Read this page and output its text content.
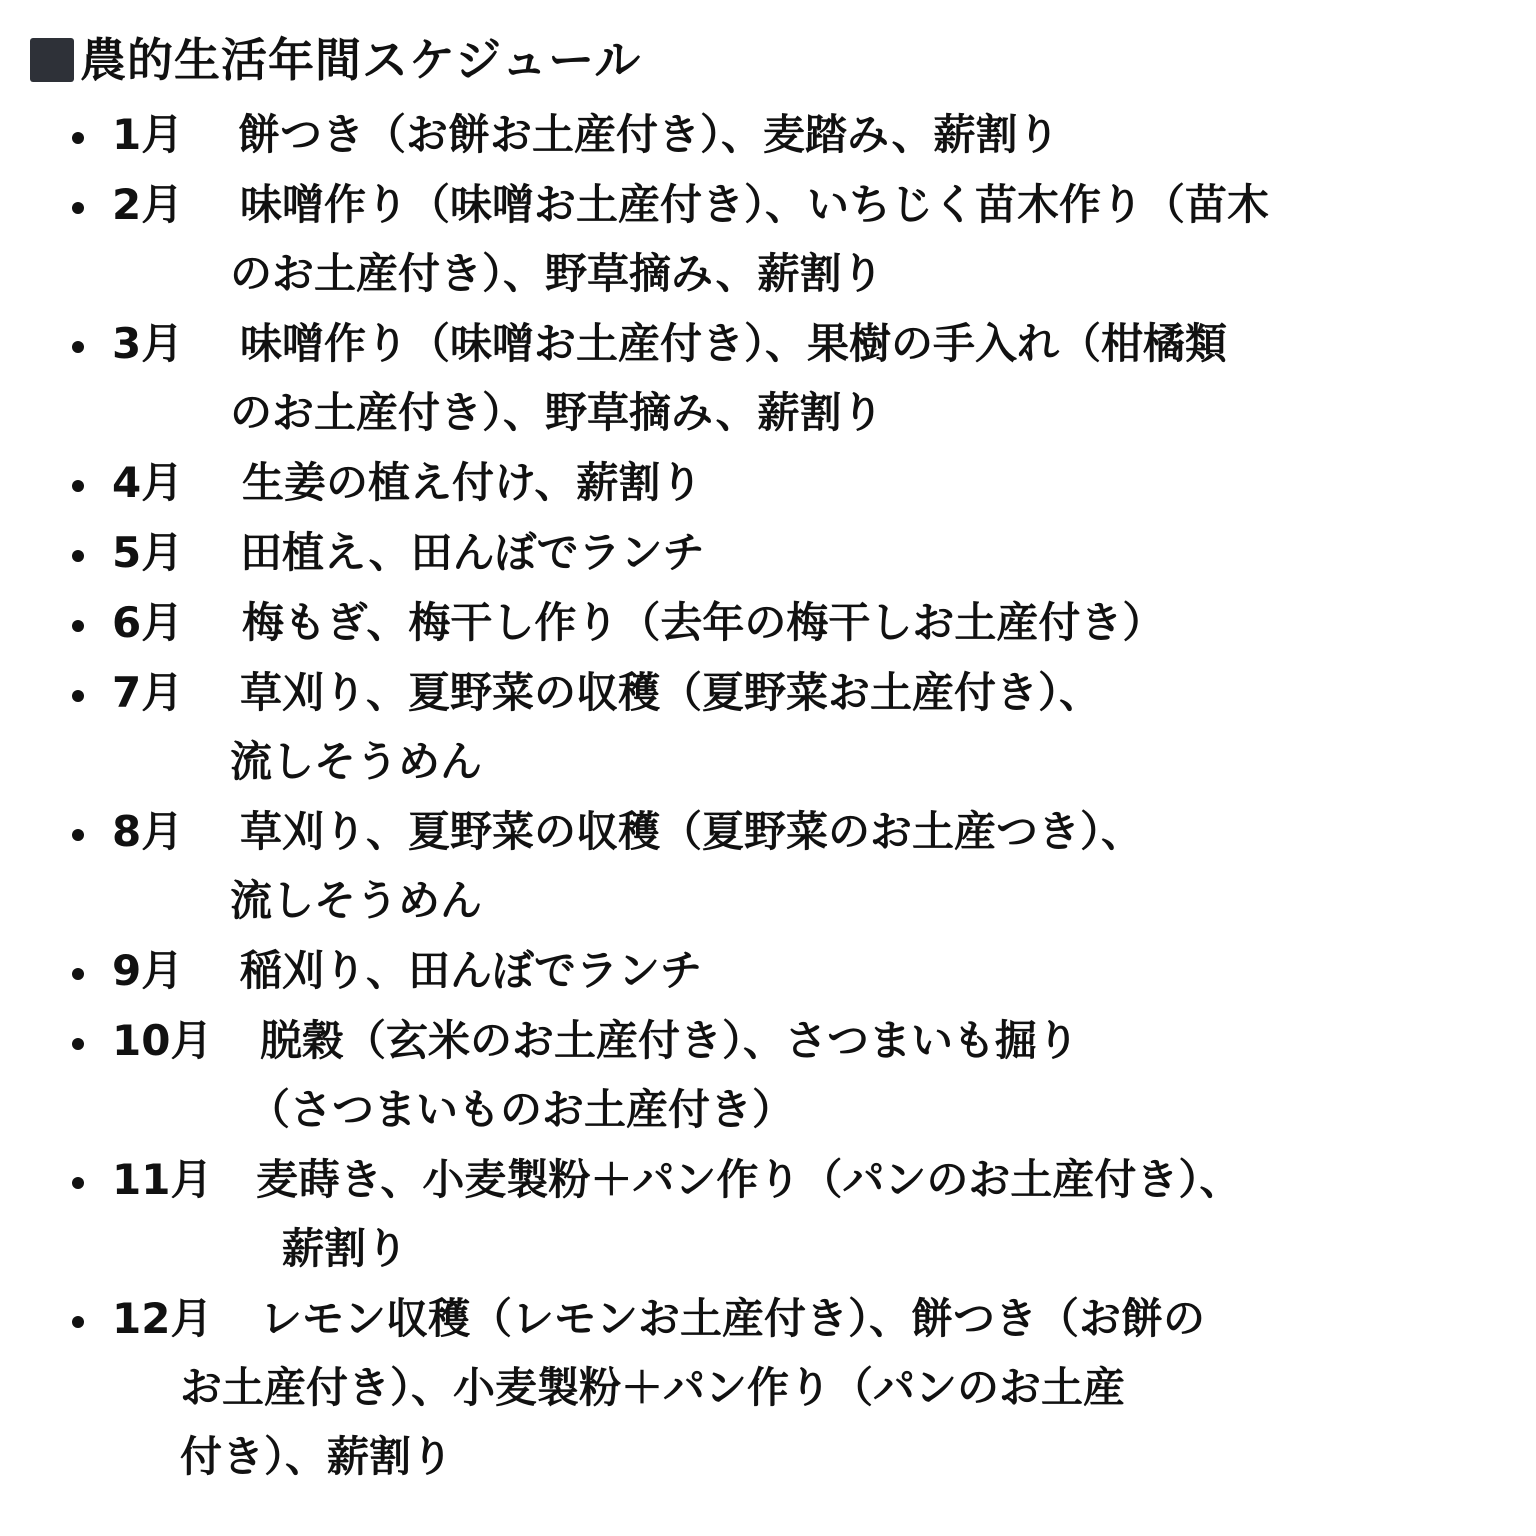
農的生活年間スケジュール
1月 餅つき（お餅お土産付き）、麦踏み、薪割り
2月 味噌作り（味噌お土産付き）、いちじく苗木作り（苗木
のお土産付き）、野草摘み、薪割り
3月 味噌作り（味噌お土産付き）、果樹の手入れ（柑橘類
のお土産付き）、野草摘み、薪割り
4月 生姜の植え付け、薪割り
5月 田植え、田んぼでランチ
6月 梅もぎ、梅干し作り（去年の梅干しお土産付き）
7月 草刈り、夏野菜の収穫（夏野菜お土産付き）、
流しそうめん
8月 草刈り、夏野菜の収穫（夏野菜のお土産つき）、
流しそうめん
9月 稲刈り、田んぼでランチ
10月 脱穀（玄米のお土産付き）、さつまいも掘り
（さつまいものお土産付き）
11月 麦蒔き、小麦製粉＋パン作り（パンのお土産付き）、
薪割り
12月 レモン収穫（レモンお土産付き）、餅つき（お餅の
お土産付き）、小麦製粉＋パン作り（パンのお土産
付き）、薪割り
